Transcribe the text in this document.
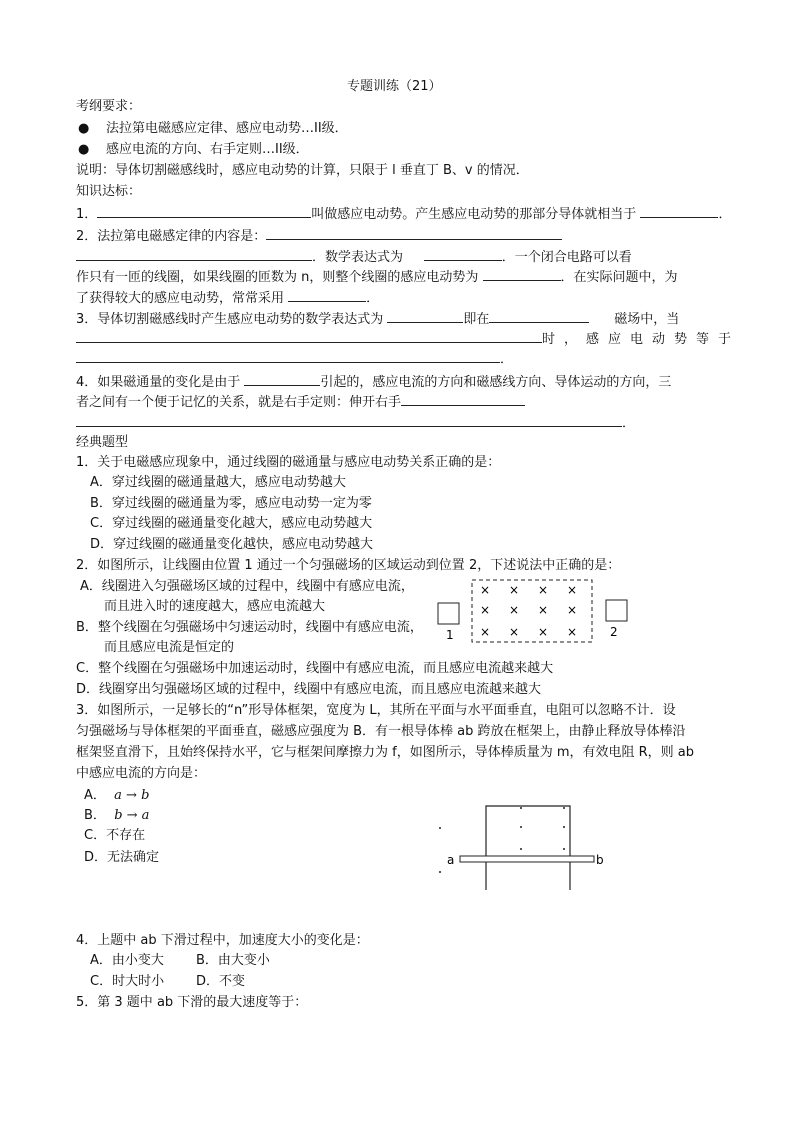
专题训练（21）
考纲要求：
● 法拉第电磁感应定律、感应电动势…II级．
● 感应电流的方向、右手定则…II级．
说明：导体切割磁感线时，感应电动势的计算，只限于 l 垂直丁 B、v 的情况．
知识达标：
1．	叫做感应电动势。产生感应电动势的那部分导体就相当于	．
2．法拉第电磁感定律的内容是：
．数学表达式为	．一个闭合电路可以看
作只有一匝的线圈，如果线圈的匝数为 n，则整个线圈的感应电动势为	．在实际问题中，为
了获得较大的感应电动势，常常采用	．
3．导体切割磁感线时产生感应电动势的数学表达式为	即在	磁场中，当
时，感应电动势等于
．
4．如果磁通量的变化是由于	引起的，感应电流的方向和磁感线方向、导体运动的方向，三
者之间有一个便于记忆的关系，就是右手定则：伸开右手
．
经典题型
1．关于电磁感应现象中，通过线圈的磁通量与感应电动势关系正确的是：
A．穿过线圈的磁通量越大，感应电动势越大
B．穿过线圈的磁通量为零，感应电动势一定为零
C．穿过线圈的磁通量变化越大，感应电动势越大
D．穿过线圈的磁通量变化越快，感应电动势越大
2．如图所示，让线圈由位置 1 通过一个匀强磁场的区域运动到位置 2，下述说法中正确的是：
A．线圈进入匀强磁场区域的过程中，线圈中有感应电流，
而且进入时的速度越大，感应电流越大
B．整个线圈在匀强磁场中匀速运动时，线圈中有感应电流，
而且感应电流是恒定的
C．整个线圈在匀强磁场中加速运动时，线圈中有感应电流，而且感应电流越来越大
D．线圈穿出匀强磁场区域的过程中，线圈中有感应电流，而且感应电流越来越大
1	2
× × × ×
× × × ×
× × × ×
3．如图所示，一足够长的“n”形导体框架，宽度为 L，其所在平面与水平面垂直，电阻可以忽略不计．设
匀强磁场与导体框架的平面垂直，磁感应强度为 B．有一根导体棒 ab 跨放在框架上，由静止释放导体棒沿
框架竖直滑下，且始终保持水平，它与框架间摩擦力为 f，如图所示，导体棒质量为 m，有效电阻 R，则 ab
中感应电流的方向是：
A． a → b
B． b → a
C．不存在
D．无法确定	a	b
4．上题中 ab 下滑过程中，加速度大小的变化是：
A．由小变大 B．由大变小
C．时大时小 D．不变
5．第 3 题中 ab 下滑的最大速度等于：
